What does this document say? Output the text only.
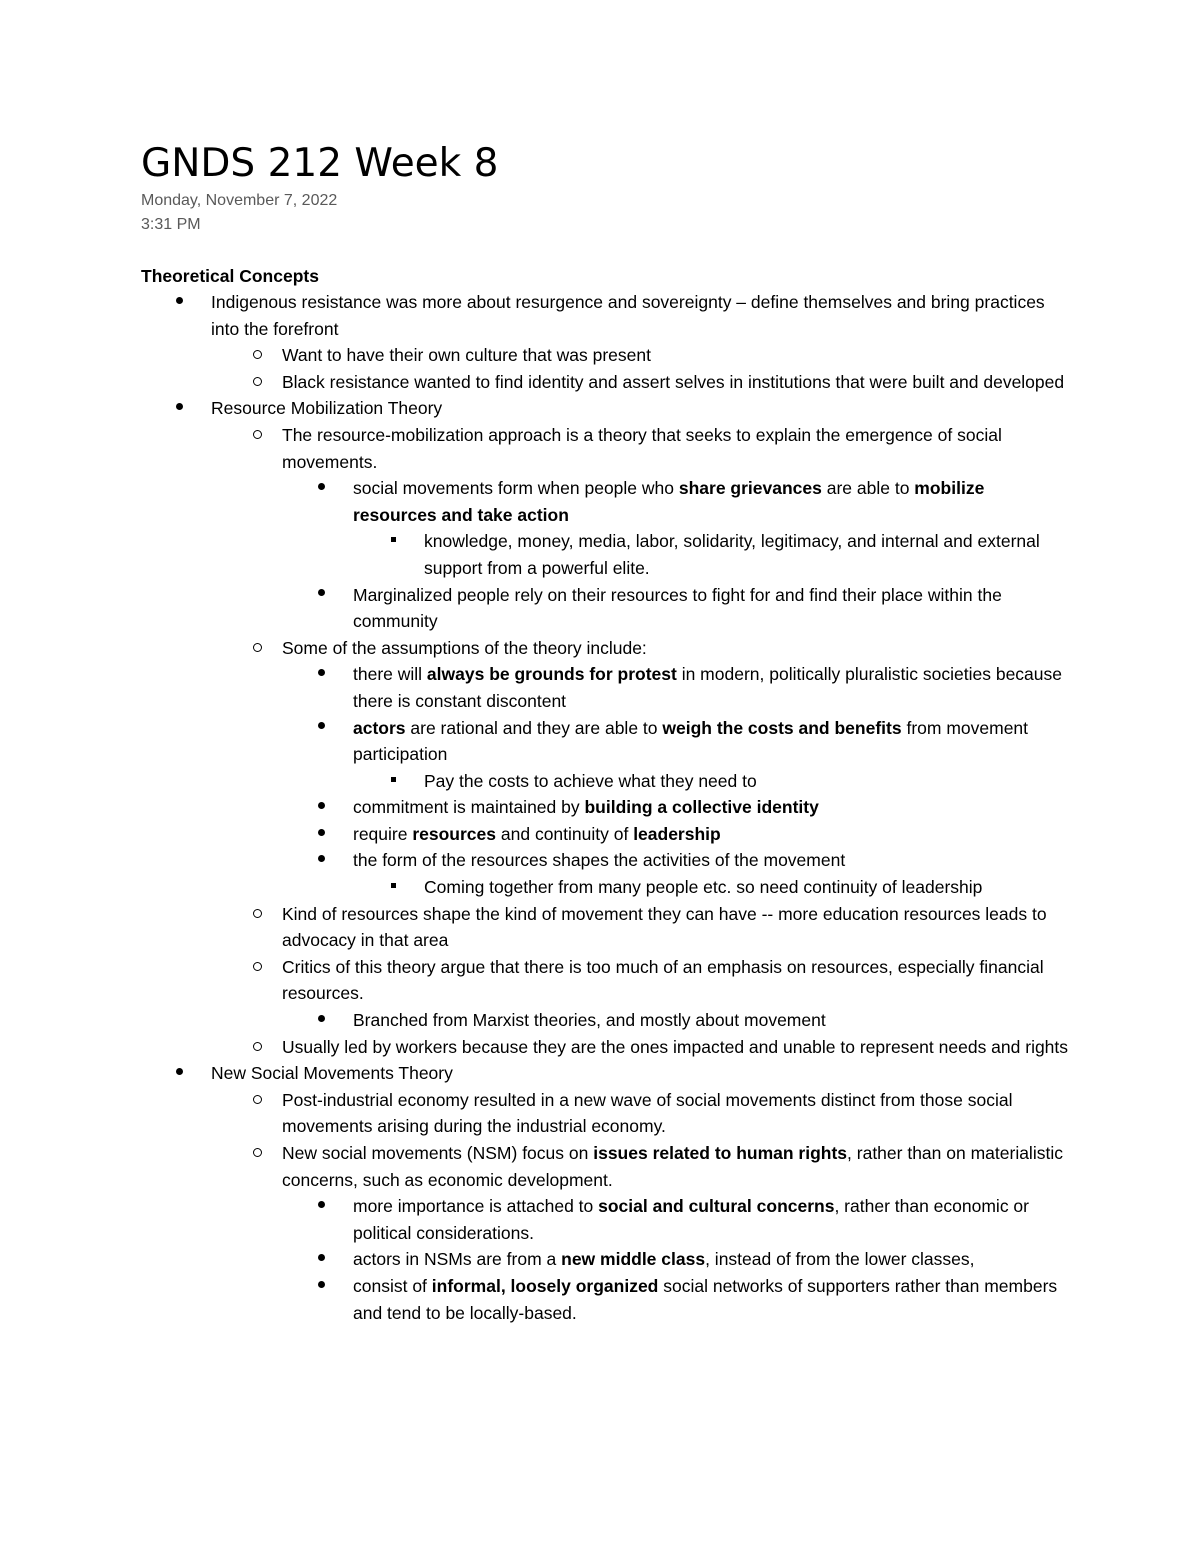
GNDS 212 Week 8
Monday, November 7, 2022
3:31 PM
Theoretical Concepts
Indigenous resistance was more about resurgence and sovereignty – define themselves and bring practices into the forefront
Want to have their own culture that was present
Black resistance wanted to find identity and assert selves in institutions that were built and developed
Resource Mobilization Theory
The resource-mobilization approach is a theory that seeks to explain the emergence of social movements.
social movements form when people who share grievances are able to mobilize resources and take action
knowledge, money, media, labor, solidarity, legitimacy, and internal and external support from a powerful elite.
Marginalized people rely on their resources to fight for and find their place within the community
Some of the assumptions of the theory include:
there will always be grounds for protest in modern, politically pluralistic societies because there is constant discontent
actors are rational and they are able to weigh the costs and benefits from movement participation
Pay the costs to achieve what they need to
commitment is maintained by building a collective identity
require resources and continuity of leadership
the form of the resources shapes the activities of the movement
Coming together from many people etc. so need continuity of leadership
Kind of resources shape the kind of movement they can have -- more education resources leads to advocacy in that area
Critics of this theory argue that there is too much of an emphasis on resources, especially financial resources.
Branched from Marxist theories, and mostly about movement
Usually led by workers because they are the ones impacted and unable to represent needs and rights
New Social Movements Theory
Post-industrial economy resulted in a new wave of social movements distinct from those social movements arising during the industrial economy.
New social movements (NSM) focus on issues related to human rights, rather than on materialistic concerns, such as economic development.
more importance is attached to social and cultural concerns, rather than economic or political considerations.
actors in NSMs are from a new middle class, instead of from the lower classes,
consist of informal, loosely organized social networks of supporters rather than members and tend to be locally-based.
